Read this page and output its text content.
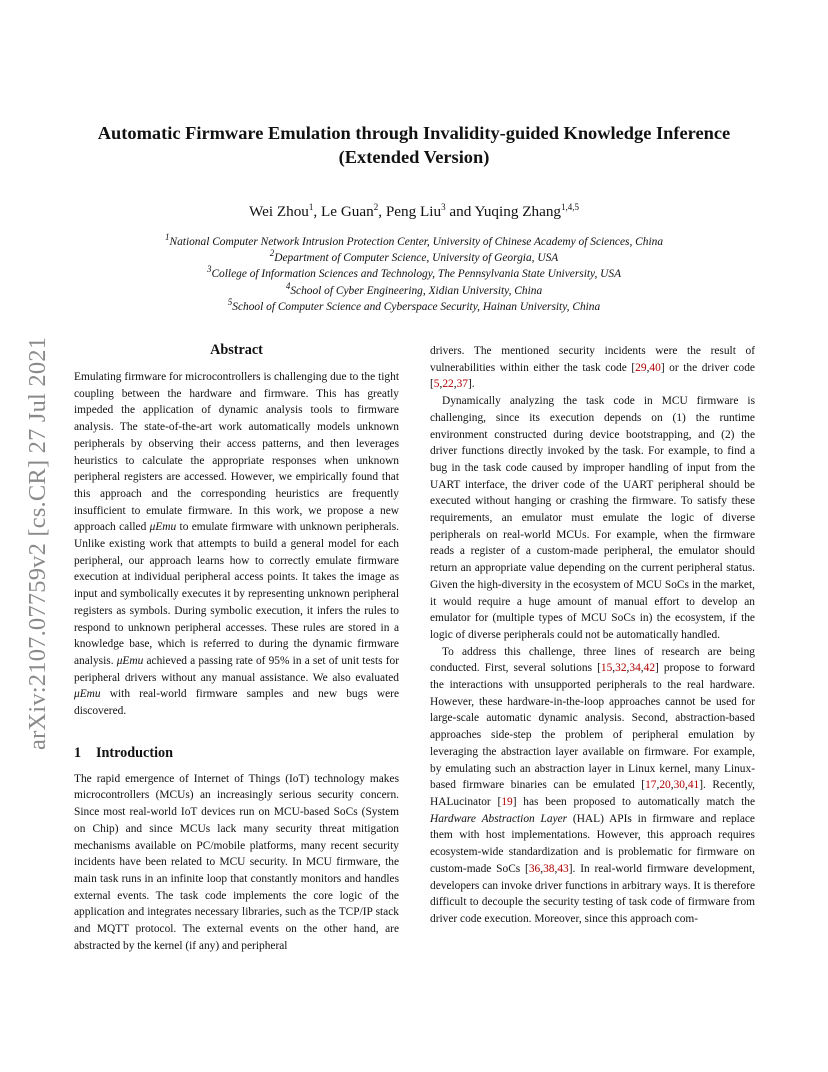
arXiv:2107.07759v2 [cs.CR] 27 Jul 2021
Automatic Firmware Emulation through Invalidity-guided Knowledge Inference
(Extended Version)
Wei Zhou$^1$, Le Guan$^2$, Peng Liu$^3$ and Yuqing Zhang$^{1,4,5}$
$^1$National Computer Network Intrusion Protection Center, University of Chinese Academy of Sciences, China
$^2$Department of Computer Science, University of Georgia, USA
$^3$College of Information Sciences and Technology, The Pennsylvania State University, USA
$^4$School of Cyber Engineering, Xidian University, China
$^5$School of Computer Science and Cyberspace Security, Hainan University, China
Abstract

Emulating firmware for microcontrollers is challenging due to the tight coupling between the hardware and firmware. This has greatly impeded the application of dynamic analysis tools to firmware analysis. The state-of-the-art work automatically models unknown peripherals by observing their access patterns, and then leverages heuristics to calculate the appropriate responses when unknown peripheral registers are accessed. However, we empirically found that this approach and the corresponding heuristics are frequently insufficient to emulate firmware. In this work, we propose a new approach called μEmu to emulate firmware with unknown peripherals. Unlike existing work that attempts to build a general model for each peripheral, our approach learns how to correctly emulate firmware execution at individual peripheral access points. It takes the image as input and symbolically executes it by representing unknown peripheral registers as symbols. During symbolic execution, it infers the rules to respond to unknown peripheral accesses. These rules are stored in a knowledge base, which is referred to during the dynamic firmware analysis. μEmu achieved a passing rate of 95% in a set of unit tests for peripheral drivers without any manual assistance. We also evaluated μEmu with real-world firmware samples and new bugs were discovered.

1 Introduction

The rapid emergence of Internet of Things (IoT) technology makes microcontrollers (MCUs) an increasingly serious security concern. Since most real-world IoT devices run on MCU-based SoCs (System on Chip) and since MCUs lack many security threat mitigation mechanisms available on PC/mobile platforms, many recent security incidents have been related to MCU security. In MCU firmware, the main task runs in an infinite loop that constantly monitors and handles external events. The task code implements the core logic of the application and integrates necessary libraries, such as the TCP/IP stack and MQTT protocol. The external events on the other hand, are abstracted by the kernel (if any) and peripheral

drivers. The mentioned security incidents were the result of vulnerabilities within either the task code [29,40] or the driver code [5,22,37].

Dynamically analyzing the task code in MCU firmware is challenging, since its execution depends on (1) the runtime environment constructed during device bootstrapping, and (2) the driver functions directly invoked by the task. For example, to find a bug in the task code caused by improper handling of input from the UART interface, the driver code of the UART peripheral should be executed without hanging or crashing the firmware. To satisfy these requirements, an emulator must emulate the logic of diverse peripherals on real-world MCUs. For example, when the firmware reads a register of a custom-made peripheral, the emulator should return an appropriate value depending on the current peripheral status. Given the high-diversity in the ecosystem of MCU SoCs in the market, it would require a huge amount of manual effort to develop an emulator for (multiple types of MCU SoCs in) the ecosystem, if the logic of diverse peripherals could not be automatically handled.

To address this challenge, three lines of research are being conducted. First, several solutions [15,32,34,42] propose to forward the interactions with unsupported peripherals to the real hardware. However, these hardware-in-the-loop approaches cannot be used for large-scale automatic dynamic analysis. Second, abstraction-based approaches side-step the problem of peripheral emulation by leveraging the abstraction layer available on firmware. For example, by emulating such an abstraction layer in Linux kernel, many Linux-based firmware binaries can be emulated [17,20,30,41]. Recently, HALucinator [19] has been proposed to automatically match the Hardware Abstraction Layer (HAL) APIs in firmware and replace them with host implementations. However, this approach requires ecosystem-wide standardization and is problematic for firmware on custom-made SoCs [36,38,43]. In real-world firmware development, developers can invoke driver functions in arbitrary ways. It is therefore difficult to decouple the security testing of task code of firmware from driver code execution. Moreover, since this approach com-
